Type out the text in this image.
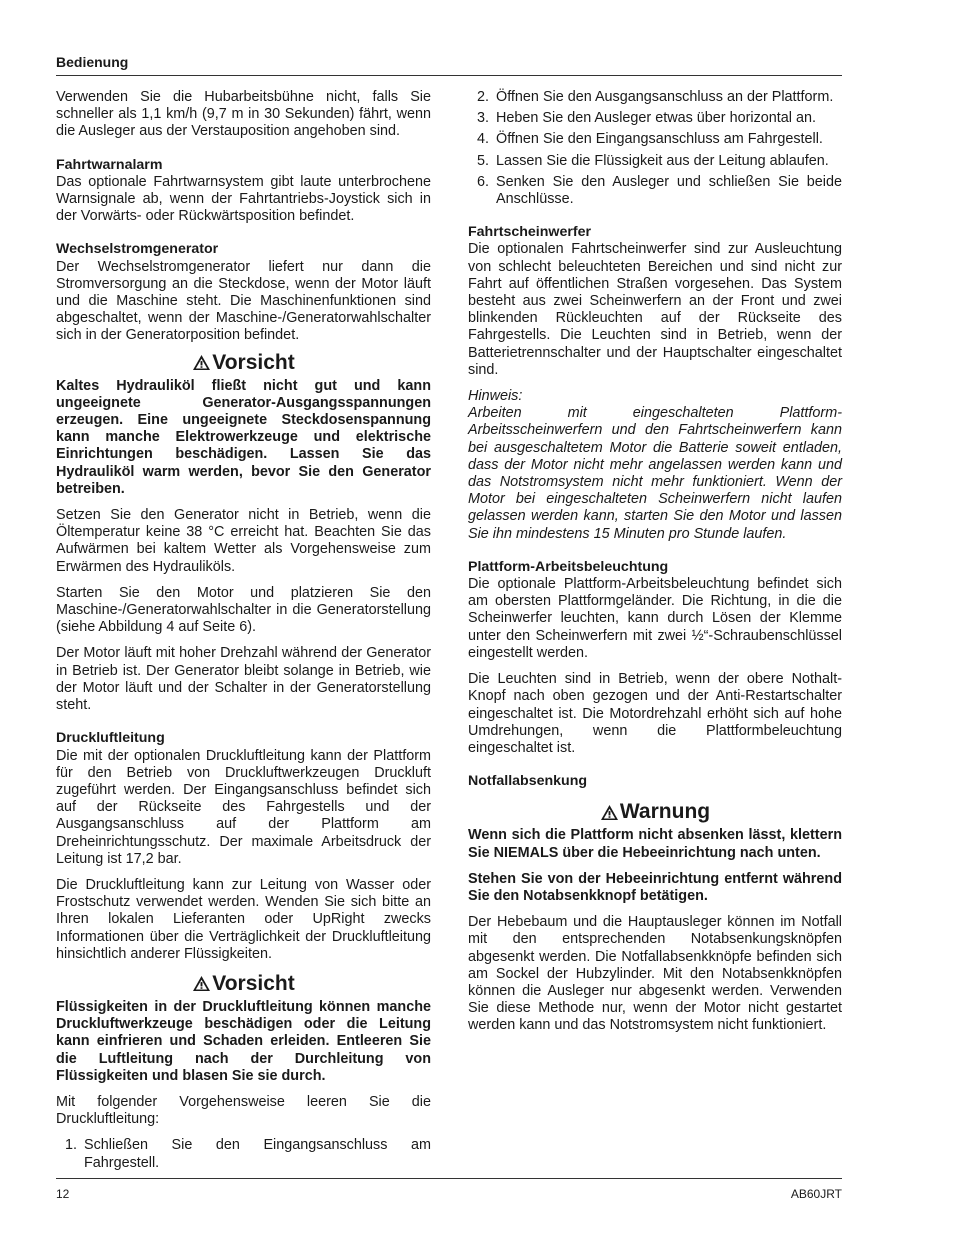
Bedienung

Verwenden Sie die Hubarbeitsbühne nicht, falls Sie schneller als 1,1 km/h (9,7 m in 30 Sekunden) fährt, wenn die Ausleger aus der Verstauposition angehoben sind.

Fahrtwarnalarm

Das optionale Fahrtwarnsystem gibt laute unterbrochene Warnsignale ab, wenn der Fahrtantriebs-Joystick sich in der Vorwärts- oder Rückwärtsposition befindet.

Wechselstromgenerator

Der Wechselstromgenerator liefert nur dann die Stromversorgung an die Steckdose, wenn der Motor läuft und die Maschine steht. Die Maschinenfunktionen sind abgeschaltet, wenn der Maschine-/Generatorwahlschalter sich in der Generatorposition befindet.

Vorsicht

Kaltes Hydrauliköl fließt nicht gut und kann ungeeignete Generator-Ausgangsspannungen erzeugen. Eine ungeeignete Steckdosenspannung kann manche Elektrowerkzeuge und elektrische Einrichtungen beschädigen. Lassen Sie das Hydrauliköl warm werden, bevor Sie den Generator betreiben.

Setzen Sie den Generator nicht in Betrieb, wenn die Öltemperatur keine 38 °C erreicht hat. Beachten Sie das Aufwärmen bei kaltem Wetter als Vorgehensweise zum Erwärmen des Hydrauliköls.

Starten Sie den Motor und platzieren Sie den Maschine-/Generatorwahlschalter in die Generatorstellung (siehe Abbildung 4 auf Seite 6).

Der Motor läuft mit hoher Drehzahl während der Generator in Betrieb ist. Der Generator bleibt solange in Betrieb, wie der Motor läuft und der Schalter in der Generatorstellung steht.

Druckluftleitung

Die mit der optionalen Druckluftleitung kann der Plattform für den Betrieb von Druckluftwerkzeugen Druckluft zugeführt werden. Der Eingangsanschluss befindet sich auf der Rückseite des Fahrgestells und der Ausgangsanschluss auf der Plattform am Dreheinrichtungsschutz. Der maximale Arbeitsdruck der Leitung ist 17,2 bar.

Die Druckluftleitung kann zur Leitung von Wasser oder Frostschutz verwendet werden. Wenden Sie sich bitte an Ihren lokalen Lieferanten oder UpRight zwecks Informationen über die Verträglichkeit der Druckluftleitung hinsichtlich anderer Flüssigkeiten.

Vorsicht

Flüssigkeiten in der Druckluftleitung können manche Druckluftwerkzeuge beschädigen oder die Leitung kann einfrieren und Schaden erleiden. Entleeren Sie die Luftleitung nach der Durchleitung von Flüssigkeiten und blasen Sie sie durch.

Mit folgender Vorgehensweise leeren Sie die Druckluftleitung:

1. Schließen Sie den Eingangsanschluss am Fahrgestell.
2. Öffnen Sie den Ausgangsanschluss an der Plattform.
3. Heben Sie den Ausleger etwas über horizontal an.
4. Öffnen Sie den Eingangsanschluss am Fahrgestell.
5. Lassen Sie die Flüssigkeit aus der Leitung ablaufen.
6. Senken Sie den Ausleger und schließen Sie beide Anschlüsse.
Fahrtscheinwerfer

Die optionalen Fahrtscheinwerfer sind zur Ausleuchtung von schlecht beleuchteten Bereichen und sind nicht zur Fahrt auf öffentlichen Straßen vorgesehen. Das System besteht aus zwei Scheinwerfern an der Front und zwei blinkenden Rückleuchten auf der Rückseite des Fahrgestells. Die Leuchten sind in Betrieb, wenn der Batterietrennschalter und der Hauptschalter eingeschaltet sind.

Hinweis:

Arbeiten mit eingeschalteten Plattform-Arbeitsscheinwerfern und den Fahrtscheinwerfern kann bei ausgeschaltetem Motor die Batterie soweit entladen, dass der Motor nicht mehr angelassen werden kann und das Notstromsystem nicht mehr funktioniert. Wenn der Motor bei eingeschalteten Scheinwerfern nicht laufen gelassen werden kann, starten Sie den Motor und lassen Sie ihn mindestens 15 Minuten pro Stunde laufen.

Plattform-Arbeitsbeleuchtung

Die optionale Plattform-Arbeitsbeleuchtung befindet sich am obersten Plattformgeländer. Die Richtung, in die die Scheinwerfer leuchten, kann durch Lösen der Klemme unter den Scheinwerfern mit zwei ½“-Schraubenschlüssel eingestellt werden.

Die Leuchten sind in Betrieb, wenn der obere Nothalt-Knopf nach oben gezogen und der Anti-Restartschalter eingeschaltet ist. Die Motordrehzahl erhöht sich auf hohe Umdrehungen, wenn die Plattformbeleuchtung eingeschaltet ist.

Notfallabsenkung
Warnung

Wenn sich die Plattform nicht absenken lässt, klettern Sie NIEMALS über die Hebeeinrichtung nach unten.

Stehen Sie von der Hebeeinrichtung entfernt während Sie den Notabsenkknopf betätigen.

Der Hebebaum und die Hauptausleger können im Notfall mit den entsprechenden Notabsenkungsknöpfen abgesenkt werden. Die Notfallabsenkknöpfe befinden sich am Sockel der Hubzylinder. Mit den Notabsenkknöpfen können die Ausleger nur abgesenkt werden. Verwenden Sie diese Methode nur, wenn der Motor nicht gestartet werden kann und das Notstromsystem nicht funktioniert.

12	AB60JRT
